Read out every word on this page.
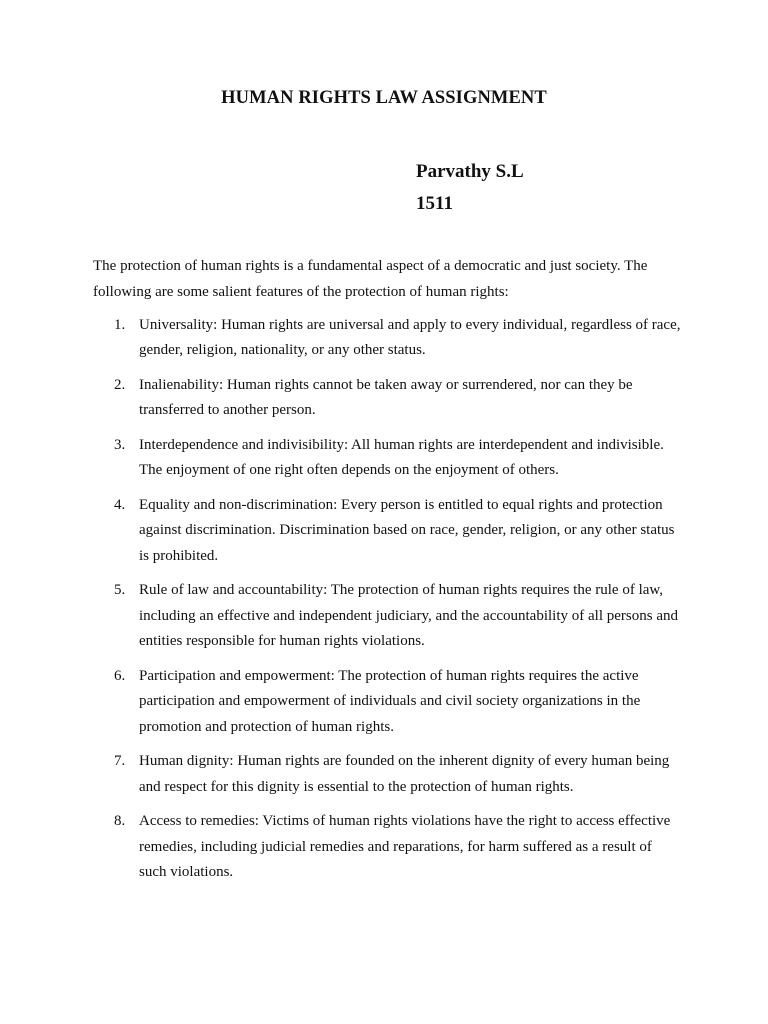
HUMAN RIGHTS LAW ASSIGNMENT
Parvathy S.L
1511

The protection of human rights is a fundamental aspect of a democratic and just society. The following are some salient features of the protection of human rights:

1. Universality: Human rights are universal and apply to every individual, regardless of race, gender, religion, nationality, or any other status.
2. Inalienability: Human rights cannot be taken away or surrendered, nor can they be transferred to another person.
3. Interdependence and indivisibility: All human rights are interdependent and indivisible. The enjoyment of one right often depends on the enjoyment of others.
4. Equality and non-discrimination: Every person is entitled to equal rights and protection against discrimination. Discrimination based on race, gender, religion, or any other status is prohibited.
5. Rule of law and accountability: The protection of human rights requires the rule of law, including an effective and independent judiciary, and the accountability of all persons and entities responsible for human rights violations.
6. Participation and empowerment: The protection of human rights requires the active participation and empowerment of individuals and civil society organizations in the promotion and protection of human rights.
7. Human dignity: Human rights are founded on the inherent dignity of every human being and respect for this dignity is essential to the protection of human rights.
8. Access to remedies: Victims of human rights violations have the right to access effective remedies, including judicial remedies and reparations, for harm suffered as a result of such violations.
